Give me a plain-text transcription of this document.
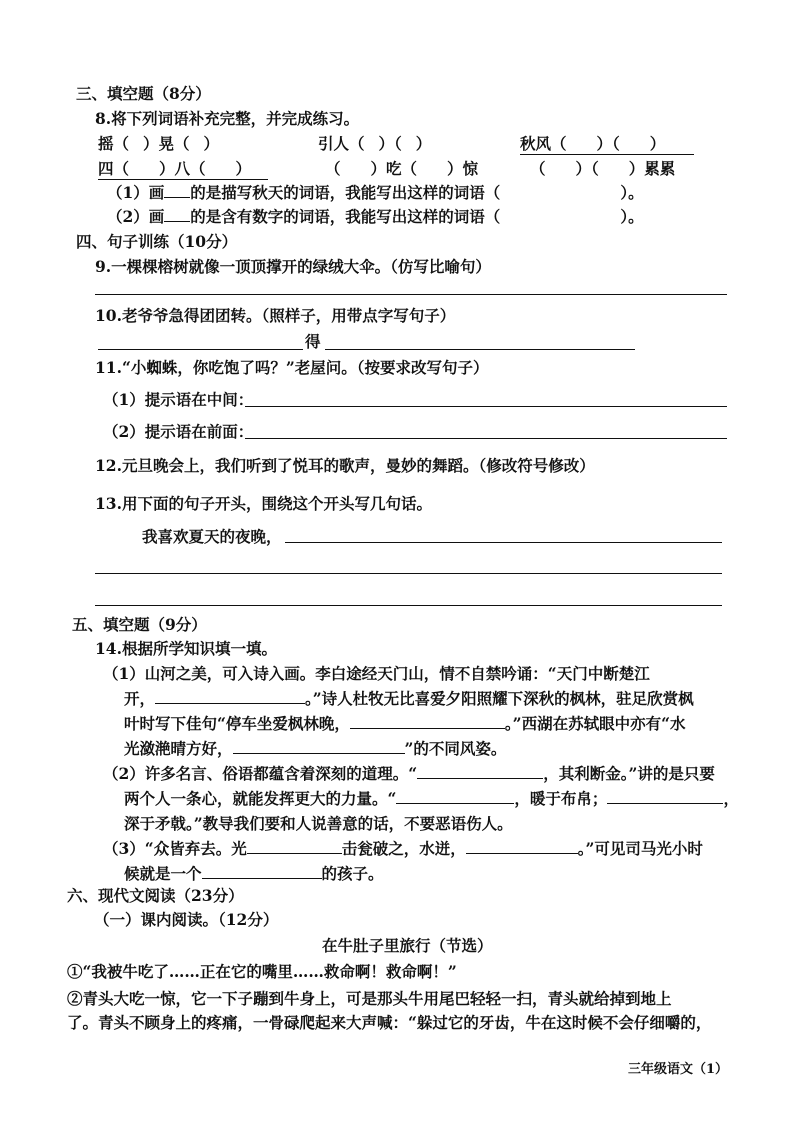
三、填空题（8分）
8.将下列词语补充完整，并完成练习。
摇（ ）晃（ ）	引人（ ）（ ）	秋风（ ）（ ）
四（ ）八（ ）	（ ）吃（ ）惊	（ ）（ ）累累
（1）画 的是描写秋天的词语，我能写出这样的词语（	）。
（2）画 的是含有数字的词语，我能写出这样的词语（	）。
四、句子训练（10分）
9.一棵棵榕树就像一顶顶撑开的绿绒大伞。（仿写比喻句）
10.老爷爷急得团团转。（照样子，用带点字写句子）
得
11.“小蜘蛛，你吃饱了吗？”老屋问。（按要求改写句子）
（1）提示语在中间：
（2）提示语在前面：
12.元旦晚会上，我们听到了悦耳的歌声，曼妙的舞蹈。（修改符号修改）
13.用下面的句子开头，围绕这个开头写几句话。
我喜欢夏天的夜晚，
五、填空题（9分）
14.根据所学知识填一填。
（1）山河之美，可入诗入画。李白途经天门山，情不自禁吟诵：“天门中断楚江
开，	。”诗人杜牧无比喜爱夕阳照耀下深秋的枫林，驻足欣赏枫
叶时写下佳句“停车坐爱枫林晚，	。”西湖在苏轼眼中亦有“水
光潋滟晴方好，	”的不同风姿。
（2）许多名言、俗语都蕴含着深刻的道理。“	，其利断金。”讲的是只要
两个人一条心，就能发挥更大的力量。“	，暖于布帛；	，
深于矛戟。”教导我们要和人说善意的话，不要恶语伤人。
（3）“众皆弃去。光	击瓮破之，水迸，	。”可见司马光小时
候就是一个	的孩子。
六、现代文阅读（23分）
（一）课内阅读。（12分）
在牛肚子里旅行（节选）
①“我被牛吃了……正在它的嘴里……救命啊！救命啊！”
②青头大吃一惊，它一下子蹦到牛身上，可是那头牛用尾巴轻轻一扫，青头就给掉到地上
了。青头不顾身上的疼痛，一骨碌爬起来大声喊：“躲过它的牙齿，牛在这时候不会仔细嚼的，
三年级语文（1）
